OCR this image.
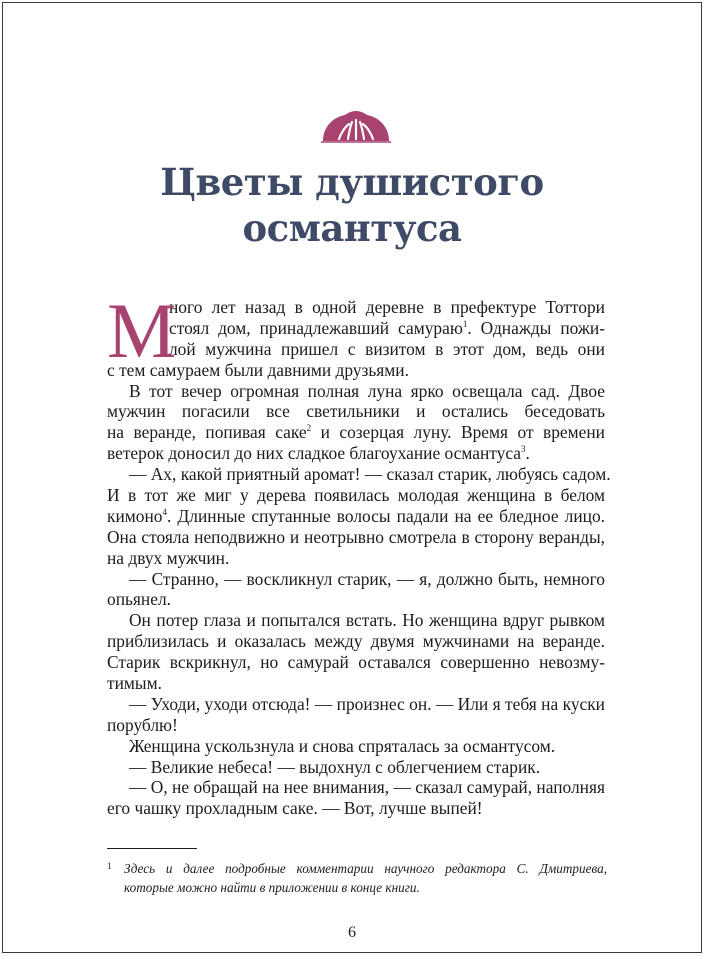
Цветы душистого
османтуса
М
ного лет назад в одной деревне в префектуре Тоттори
стоял дом, принадлежавший самураю$^1$. Однажды пожи-
лой мужчина пришел с визитом в этот дом, ведь они
с тем самураем были давними друзьями.
В тот вечер огромная полная луна ярко освещала сад. Двое
мужчин погасили все светильники и остались беседовать
на веранде, попивая саке$^2$ и созерцая луну. Время от времени
ветерок доносил до них сладкое благоухание османтуса$^3$.
— Ах, какой приятный аромат! — сказал старик, любуясь садом.
И в тот же миг у дерева появилась молодая женщина в белом
кимоно$^4$. Длинные спутанные волосы падали на ее бледное лицо.
Она стояла неподвижно и неотрывно смотрела в сторону веранды,
на двух мужчин.
— Странно, — воскликнул старик, — я, должно быть, немного
опьянел.
Он потер глаза и попытался встать. Но женщина вдруг рывком
приблизилась и оказалась между двумя мужчинами на веранде.
Старик вскрикнул, но самурай оставался совершенно невозму-
тимым.
— Уходи, уходи отсюда! — произнес он. — Или я тебя на куски
порублю!
Женщина ускользнула и снова спряталась за османтусом.
— Великие небеса! — выдохнул с облегчением старик.
— О, не обращай на нее внимания, — сказал самурай, наполняя
его чашку прохладным саке. — Вот, лучше выпей!
1 Здесь и далее подробные комментарии научного редактора С. Дмитриева,
которые можно найти в приложении в конце книги.
6
